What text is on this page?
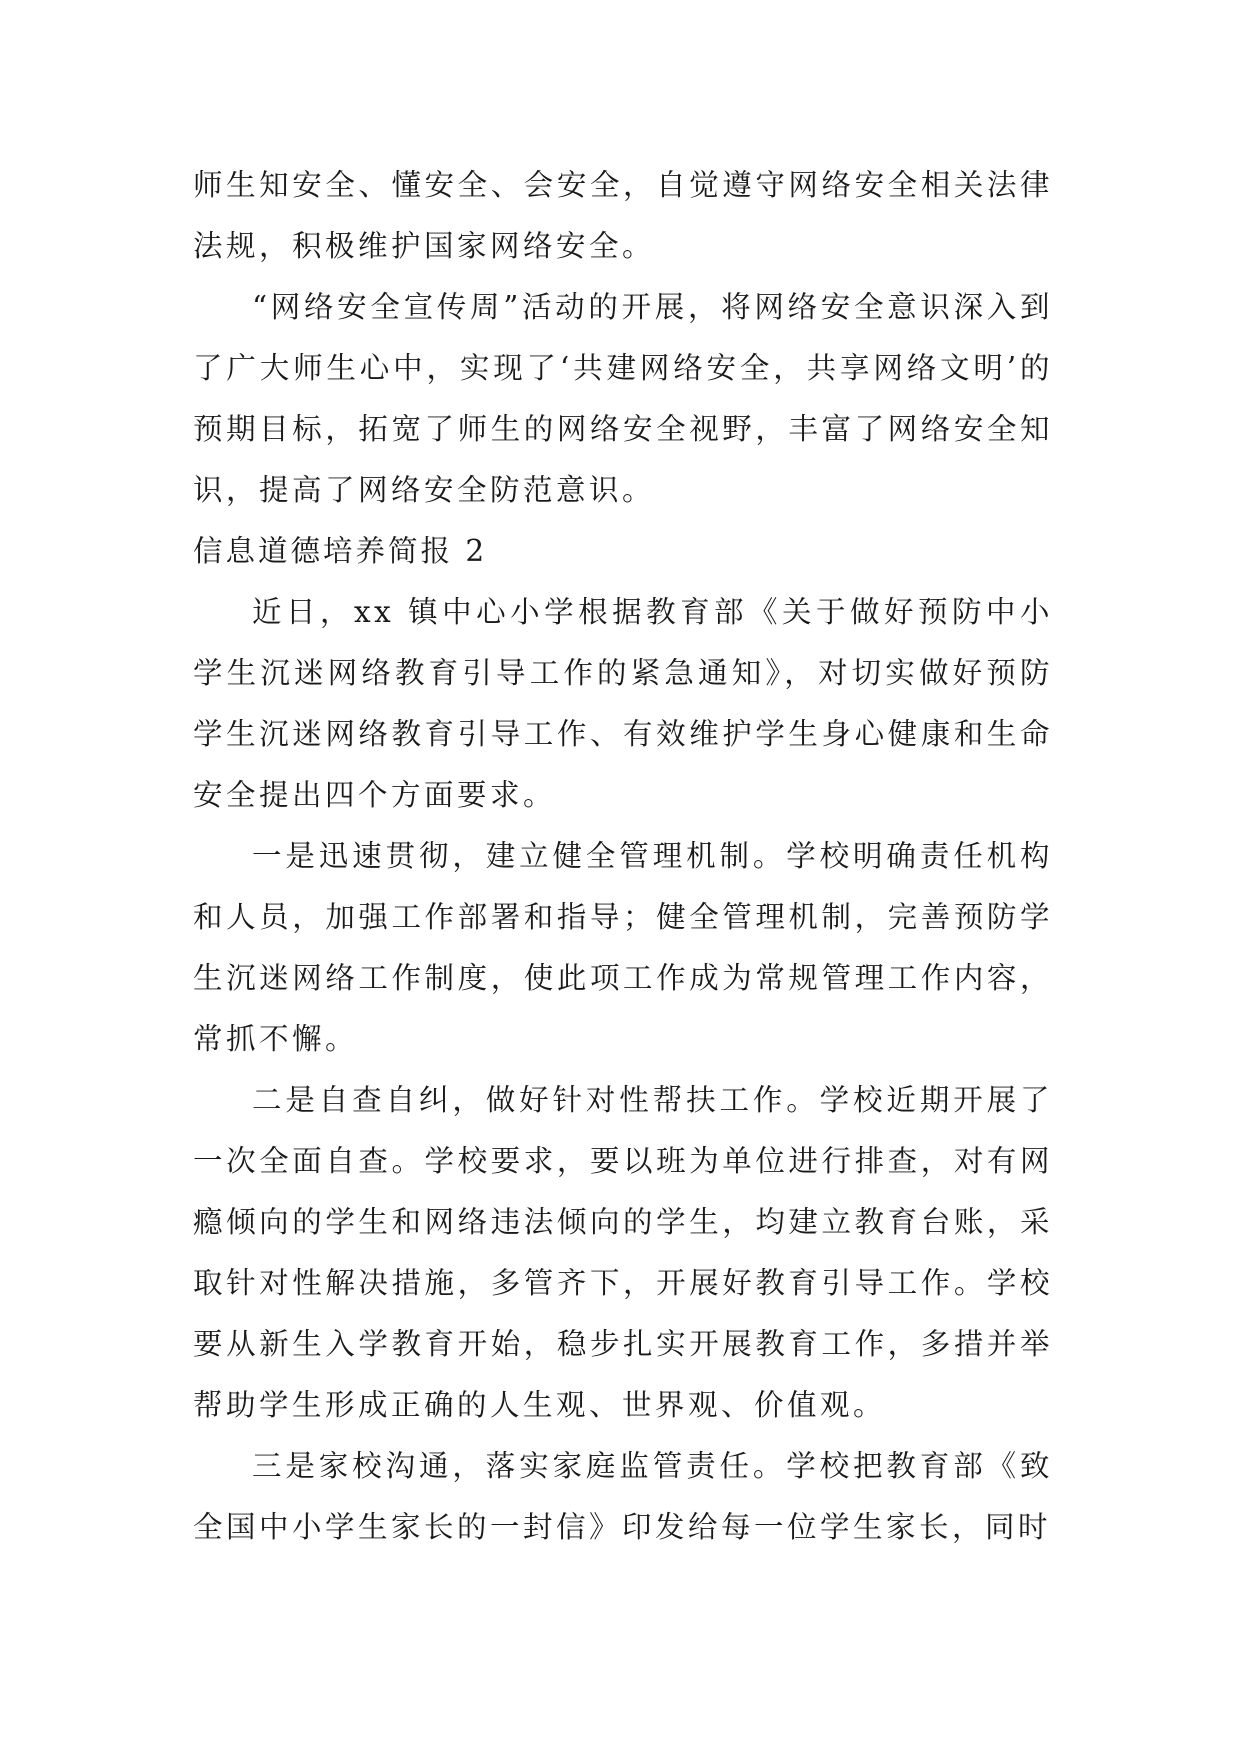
师生知安全、懂安全、会安全，自觉遵守网络安全相关法律法规，积极维护国家网络安全。

“网络安全宣传周”活动的开展，将网络安全意识深入到了广大师生心中，实现了‘共建网络安全，共享网络文明’的预期目标，拓宽了师生的网络安全视野，丰富了网络安全知识，提高了网络安全防范意识。

信息道德培养简报 2

近日，xx 镇中心小学根据教育部《关于做好预防中小学生沉迷网络教育引导工作的紧急通知》，对切实做好预防学生沉迷网络教育引导工作、有效维护学生身心健康和生命安全提出四个方面要求。

一是迅速贯彻，建立健全管理机制。学校明确责任机构和人员，加强工作部署和指导；健全管理机制，完善预防学生沉迷网络工作制度，使此项工作成为常规管理工作内容，常抓不懈。

二是自查自纠，做好针对性帮扶工作。学校近期开展了一次全面自查。学校要求，要以班为单位进行排查，对有网瘾倾向的学生和网络违法倾向的学生，均建立教育台账，采取针对性解决措施，多管齐下，开展好教育引导工作。学校要从新生入学教育开始，稳步扎实开展教育工作，多措并举帮助学生形成正确的人生观、世界观、价值观。

三是家校沟通，落实家庭监管责任。学校把教育部《致全国中小学生家长的一封信》印发给每一位学生家长，同时
